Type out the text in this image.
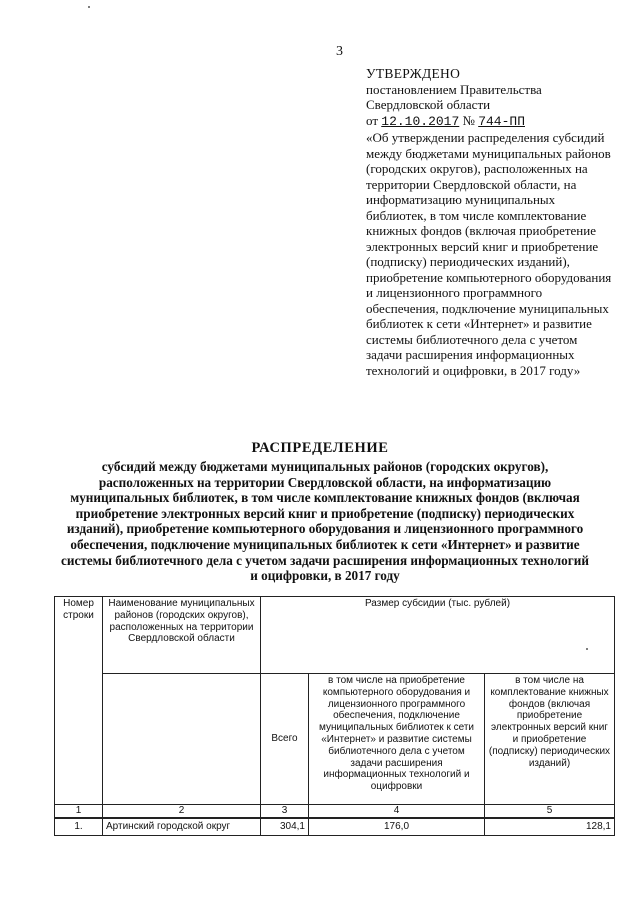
3
УТВЕРЖДЕНО
постановлением Правительства
Свердловской области
от 12.10.2017 № 744-ПП
«Об утверждении распределения субсидий между бюджетами муниципальных районов (городских округов), расположенных на территории Свердловской области, на информатизацию муниципальных библиотек, в том числе комплектование книжных фондов (включая приобретение электронных версий книг и приобретение (подписку) периодических изданий), приобретение компьютерного оборудования и лицензионного программного обеспечения, подключение муниципальных библиотек к сети «Интернет» и развитие системы библиотечного дела с учетом задачи расширения информационных технологий и оцифровки, в 2017 году»
РАСПРЕДЕЛЕНИЕ
субсидий между бюджетами муниципальных районов (городских округов), расположенных на территории Свердловской области, на информатизацию муниципальных библиотек, в том числе комплектование книжных фондов (включая приобретение электронных версий книг и приобретение (подписку) периодических изданий), приобретение компьютерного оборудования и лицензионного программного обеспечения, подключение муниципальных библиотек к сети «Интернет» и развитие системы библиотечного дела с учетом задачи расширения информационных технологий и оцифровки, в 2017 году
Номер строки	Наименование муниципальных районов (городских округов), расположенных на территории Свердловской области	Размер субсидии (тыс. рублей)		
		Всего	в том числе на приобретение компьютерного оборудования и лицензионного программного обеспечения, подключение муниципальных библиотек к сети «Интернет» и развитие системы библиотечного дела с учетом задачи расширения информационных технологий и оцифровки	в том числе на комплектование книжных фондов (включая приобретение электронных версий книг и приобретение (подписку) периодических изданий)
1	2	3	4	5
1.	Артинский городской округ	304,1	176,0	128,1
